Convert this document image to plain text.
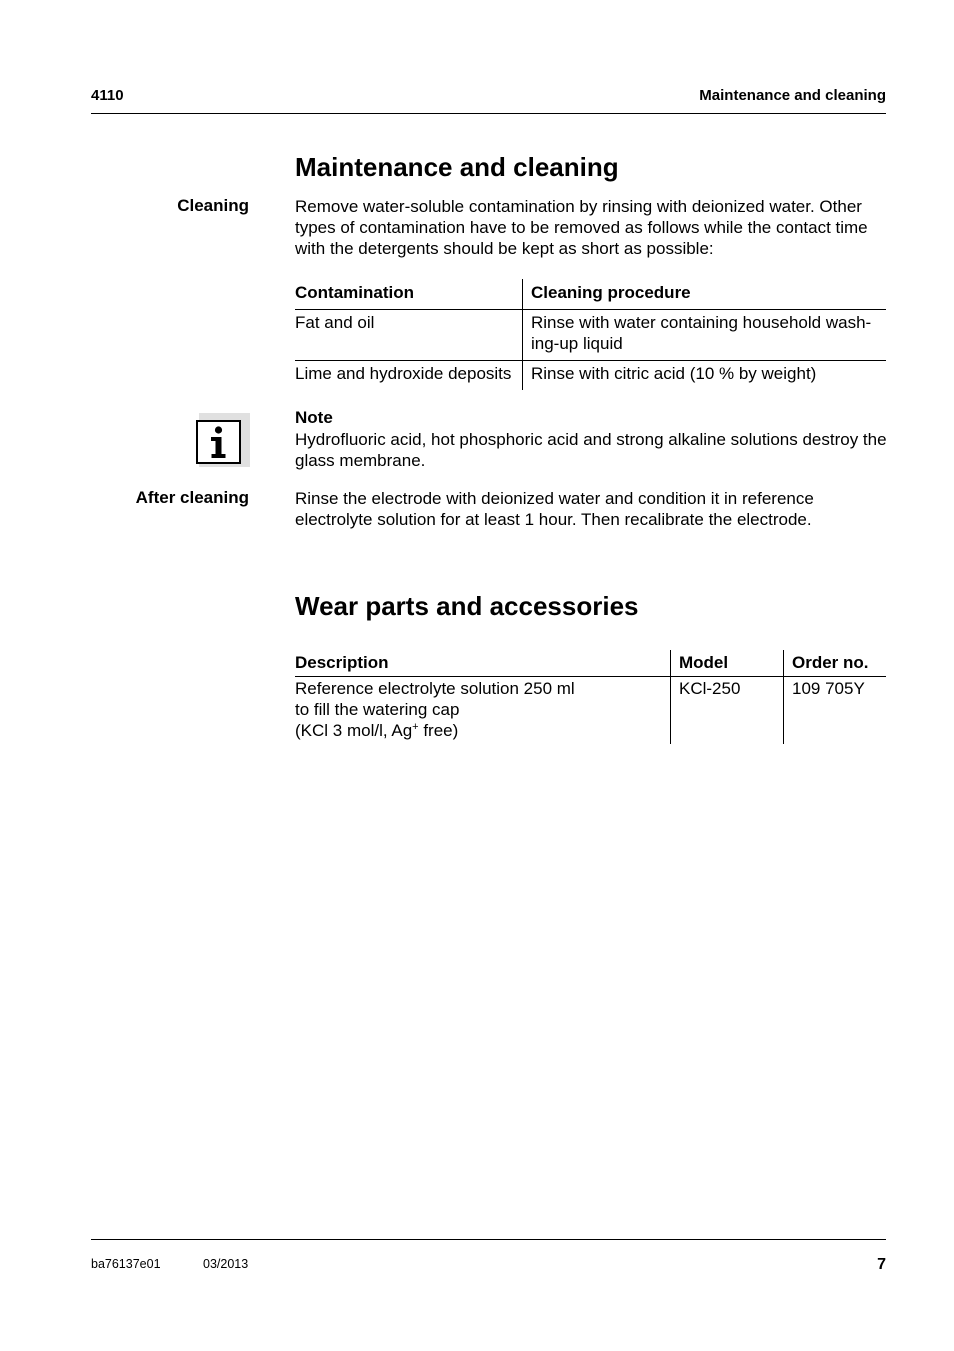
4110	Maintenance and cleaning
Maintenance and cleaning
Cleaning	Remove water-soluble contamination by rinsing with deionized water. Other types of contamination have to be removed as follows while the contact time with the detergents should be kept as short as possible:
Contamination	Cleaning procedure
Fat and oil	Rinse with water containing household wash-ing-up liquid
Lime and hydroxide deposits	Rinse with citric acid (10 % by weight)
Note
Hydrofluoric acid, hot phosphoric acid and strong alkaline solutions destroy the glass membrane.
After cleaning	Rinse the electrode with deionized water and condition it in reference electrolyte solution for at least 1 hour. Then recalibrate the electrode.
Wear parts and accessories
Description	Model	Order no.

Reference electrolyte solution 250 ml
to fill the watering cap
(KCl 3 mol/l, Ag+ free)	KCl-250	109 705Y
ba76137e01	03/2013	7
